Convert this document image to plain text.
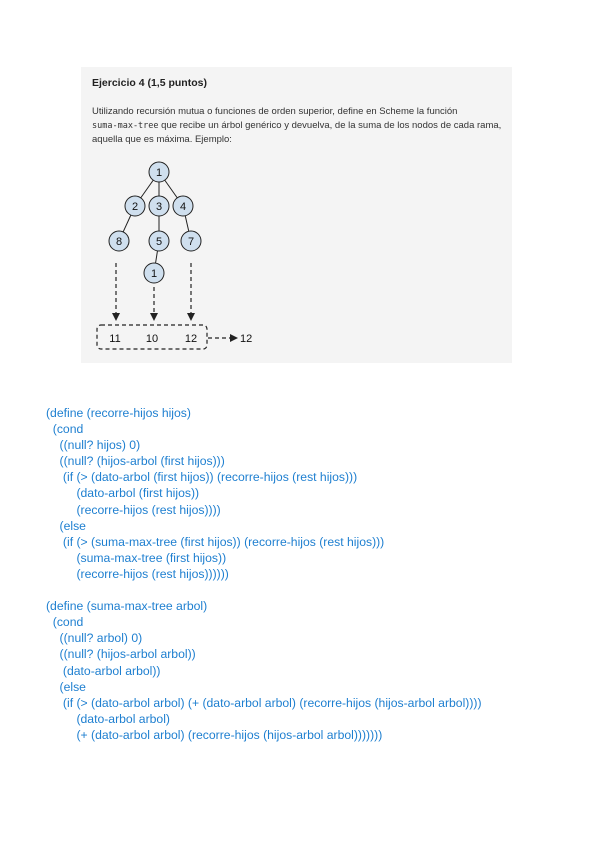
Ejercicio 4 (1,5 puntos)

Utilizando recursión mutua o funciones de orden superior, define en Scheme la función
suma-max-tree que recibe un árbol genérico y devuelva, de la suma de los nodos de cada rama, aquella que es máxima. Ejemplo:

1
2 3 4
8	5 7
1
11 10 12	12
(define (recorre-hijos hijos)
(cond
((null? hijos) 0)
((null? (hijos-arbol (first hijos)))
(if (> (dato-arbol (first hijos)) (recorre-hijos (rest hijos)))
(dato-arbol (first hijos))
(recorre-hijos (rest hijos))))
(else
(if (> (suma-max-tree (first hijos)) (recorre-hijos (rest hijos)))
(suma-max-tree (first hijos))
(recorre-hijos (rest hijos))))))
(define (suma-max-tree arbol)
(cond
((null? arbol) 0)
((null? (hijos-arbol arbol))
(dato-arbol arbol))
(else
(if (> (dato-arbol arbol) (+ (dato-arbol arbol) (recorre-hijos (hijos-arbol arbol))))
(dato-arbol arbol)
(+ (dato-arbol arbol) (recorre-hijos (hijos-arbol arbol)))))))
